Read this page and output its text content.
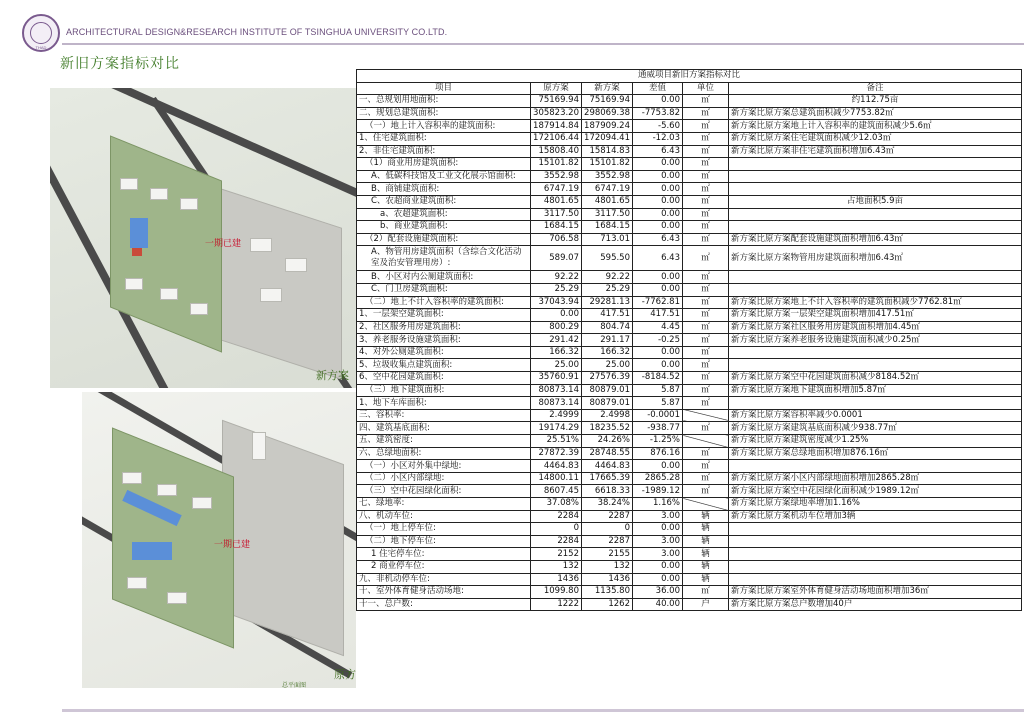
THAD
ARCHITECTURAL DESIGN&RESEARCH INSTITUTE OF TSINGHUA UNIVERSITY CO.LTD.
新旧方案指标对比
一期已建
新方案
一期已建
总平面图
原方
通威项目新旧方案指标对比					
项目	原方案	新方案	差值	单位	备注
一、总规划用地面积:	75169.94	75169.94	0.00	㎡	约112.75亩
二、规划总建筑面积:	305823.20	298069.38	-7753.82	㎡	新方案比原方案总建筑面积减少7753.82㎡
（一）地上计入容积率的建筑面积:	187914.84	187909.24	-5.60	㎡	新方案比原方案地上计入容积率的建筑面积减少5.6㎡
1、住宅建筑面积:	172106.44	172094.41	-12.03	㎡	新方案比原方案住宅建筑面积减少12.03㎡
2、非住宅建筑面积:	15808.40	15814.83	6.43	㎡	新方案比原方案非住宅建筑面积增加6.43㎡
（1）商业用房建筑面积:	15101.82	15101.82	0.00	㎡	
A、低碳科技馆及工业文化展示馆面积:	3552.98	3552.98	0.00	㎡	
B、商铺建筑面积:	6747.19	6747.19	0.00	㎡	
C、农超商业建筑面积:	4801.65	4801.65	0.00	㎡	占地面积5.9亩
a、农超建筑面积:	3117.50	3117.50	0.00	㎡	
b、商业建筑面积:	1684.15	1684.15	0.00	㎡	
（2）配套设施建筑面积:	706.58	713.01	6.43	㎡	新方案比原方案配套设施建筑面积增加6.43㎡
A、物管用房建筑面积（含综合文化活动室及治安管理用房）:	589.07	595.50	6.43	㎡	新方案比原方案物管用房建筑面积增加6.43㎡
B、小区对内公厕建筑面积:	92.22	92.22	0.00	㎡	
C、门卫房建筑面积:	25.29	25.29	0.00	㎡	
（二）地上不计入容积率的建筑面积:	37043.94	29281.13	-7762.81	㎡	新方案比原方案地上不计入容积率的建筑面积减少7762.81㎡
1、一层架空建筑面积:	0.00	417.51	417.51	㎡	新方案比原方案一层架空建筑面积增加417.51㎡
2、社区服务用房建筑面积:	800.29	804.74	4.45	㎡	新方案比原方案社区服务用房建筑面积增加4.45㎡
3、养老服务设施建筑面积:	291.42	291.17	-0.25	㎡	新方案比原方案养老服务设施建筑面积减少0.25㎡
4、对外公厕建筑面积:	166.32	166.32	0.00	㎡	
5、垃圾收集点建筑面积:	25.00	25.00	0.00	㎡	
6、空中花园建筑面积:	35760.91	27576.39	-8184.52	㎡	新方案比原方案空中花园建筑面积减少8184.52㎡
（三）地下建筑面积:	80873.14	80879.01	5.87	㎡	新方案比原方案地下建筑面积增加5.87㎡
1、地下车库面积:	80873.14	80879.01	5.87	㎡	
三、容积率:	2.4999	2.4998	-0.0001		新方案比原方案容积率减少0.0001
四、建筑基底面积:	19174.29	18235.52	-938.77	㎡	新方案比原方案建筑基底面积减少938.77㎡
五、建筑密度:	25.51%	24.26%	-1.25%		新方案比原方案建筑密度减少1.25%
六、总绿地面积:	27872.39	28748.55	876.16	㎡	新方案比原方案总绿地面积增加876.16㎡
（一）小区对外集中绿地:	4464.83	4464.83	0.00	㎡	
（二）小区内部绿地:	14800.11	17665.39	2865.28	㎡	新方案比原方案小区内部绿地面积增加2865.28㎡
（三）空中花园绿化面积:	8607.45	6618.33	-1989.12	㎡	新方案比原方案空中花园绿化面积减少1989.12㎡
七、绿地率:	37.08%	38.24%	1.16%		新方案比原方案绿地率增加1.16%
八、机动车位:	2284	2287	3.00	辆	新方案比原方案机动车位增加3辆
（一）地上停车位:	0	0	0.00	辆	
（二）地下停车位:	2284	2287	3.00	辆	
1 住宅停车位:	2152	2155	3.00	辆	
2 商业停车位:	132	132	0.00	辆	
九、非机动停车位:	1436	1436	0.00	辆	
十、室外体育健身活动场地:	1099.80	1135.80	36.00	㎡	新方案比原方案室外体育健身活动场地面积增加36㎡
十一、总户数:	1222	1262	40.00	户	新方案比原方案总户数增加40户
